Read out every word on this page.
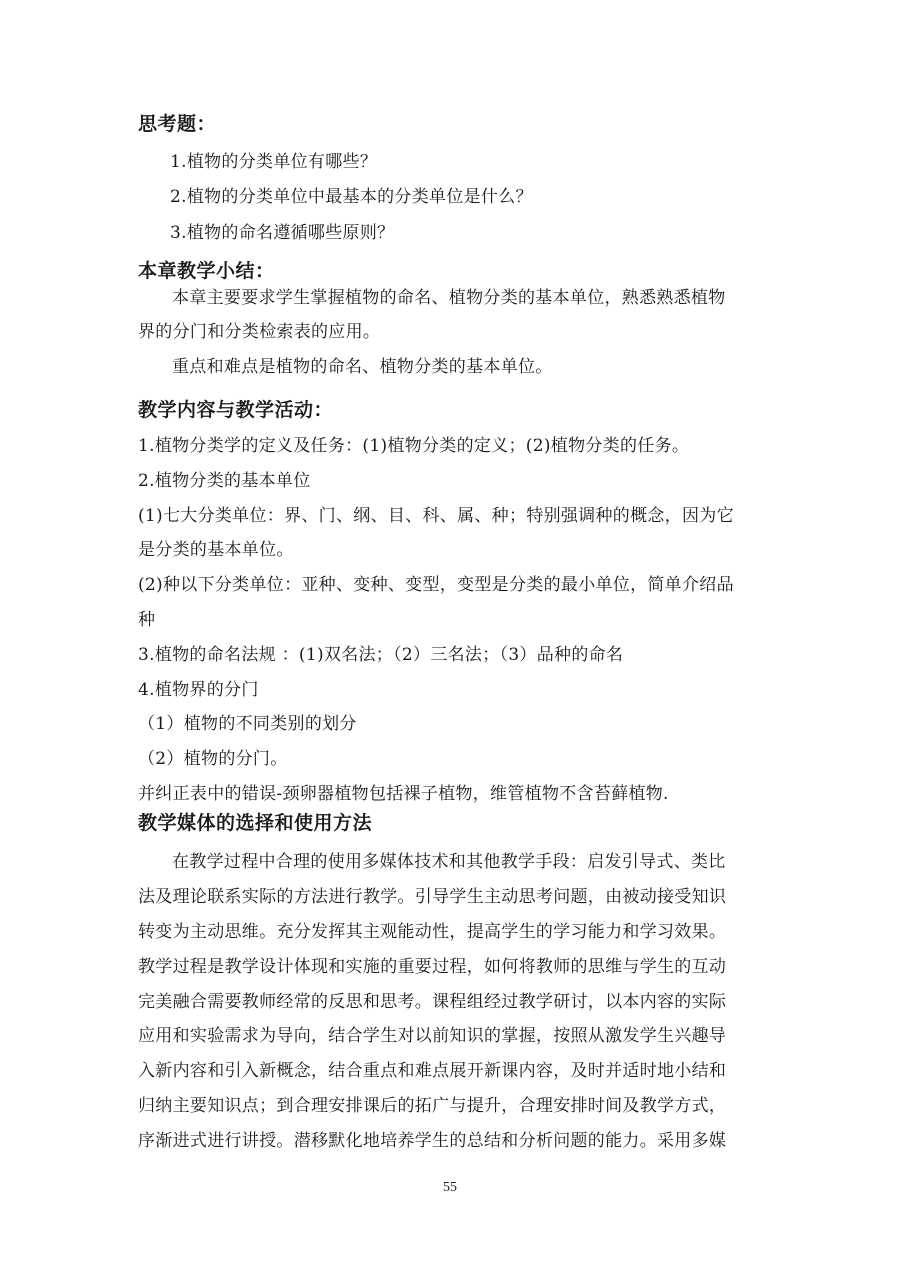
思考题：
1.植物的分类单位有哪些？
2.植物的分类单位中最基本的分类单位是什么？
3.植物的命名遵循哪些原则？
本章教学小结：
本章主要要求学生掌握植物的命名、植物分类的基本单位，熟悉熟悉植物
界的分门和分类检索表的应用。
重点和难点是植物的命名、植物分类的基本单位。
教学内容与教学活动：
1.植物分类学的定义及任务：(1)植物分类的定义；(2)植物分类的任务。
2.植物分类的基本单位
(1)七大分类单位：界、门、纲、目、科、属、种；特别强调种的概念，因为它
是分类的基本单位。
(2)种以下分类单位：亚种、变种、变型，变型是分类的最小单位，简单介绍品
种
3.植物的命名法规 ：(1)双名法；（2）三名法；（3）品种的命名
4.植物界的分门
（1）植物的不同类别的划分
（2）植物的分门。
并纠正表中的错误-颈卵器植物包括裸子植物，维管植物不含苔藓植物.
教学媒体的选择和使用方法
在教学过程中合理的使用多媒体技术和其他教学手段：启发引导式、类比
法及理论联系实际的方法进行教学。引导学生主动思考问题，由被动接受知识
转变为主动思维。充分发挥其主观能动性，提高学生的学习能力和学习效果。
教学过程是教学设计体现和实施的重要过程，如何将教师的思维与学生的互动
完美融合需要教师经常的反思和思考。课程组经过教学研讨，以本内容的实际
应用和实验需求为导向，结合学生对以前知识的掌握，按照从激发学生兴趣导
入新内容和引入新概念，结合重点和难点展开新课内容，及时并适时地小结和
归纳主要知识点；到合理安排课后的拓广与提升，合理安排时间及教学方式，
序渐进式进行讲授。潜移默化地培养学生的总结和分析问题的能力。采用多媒
55
